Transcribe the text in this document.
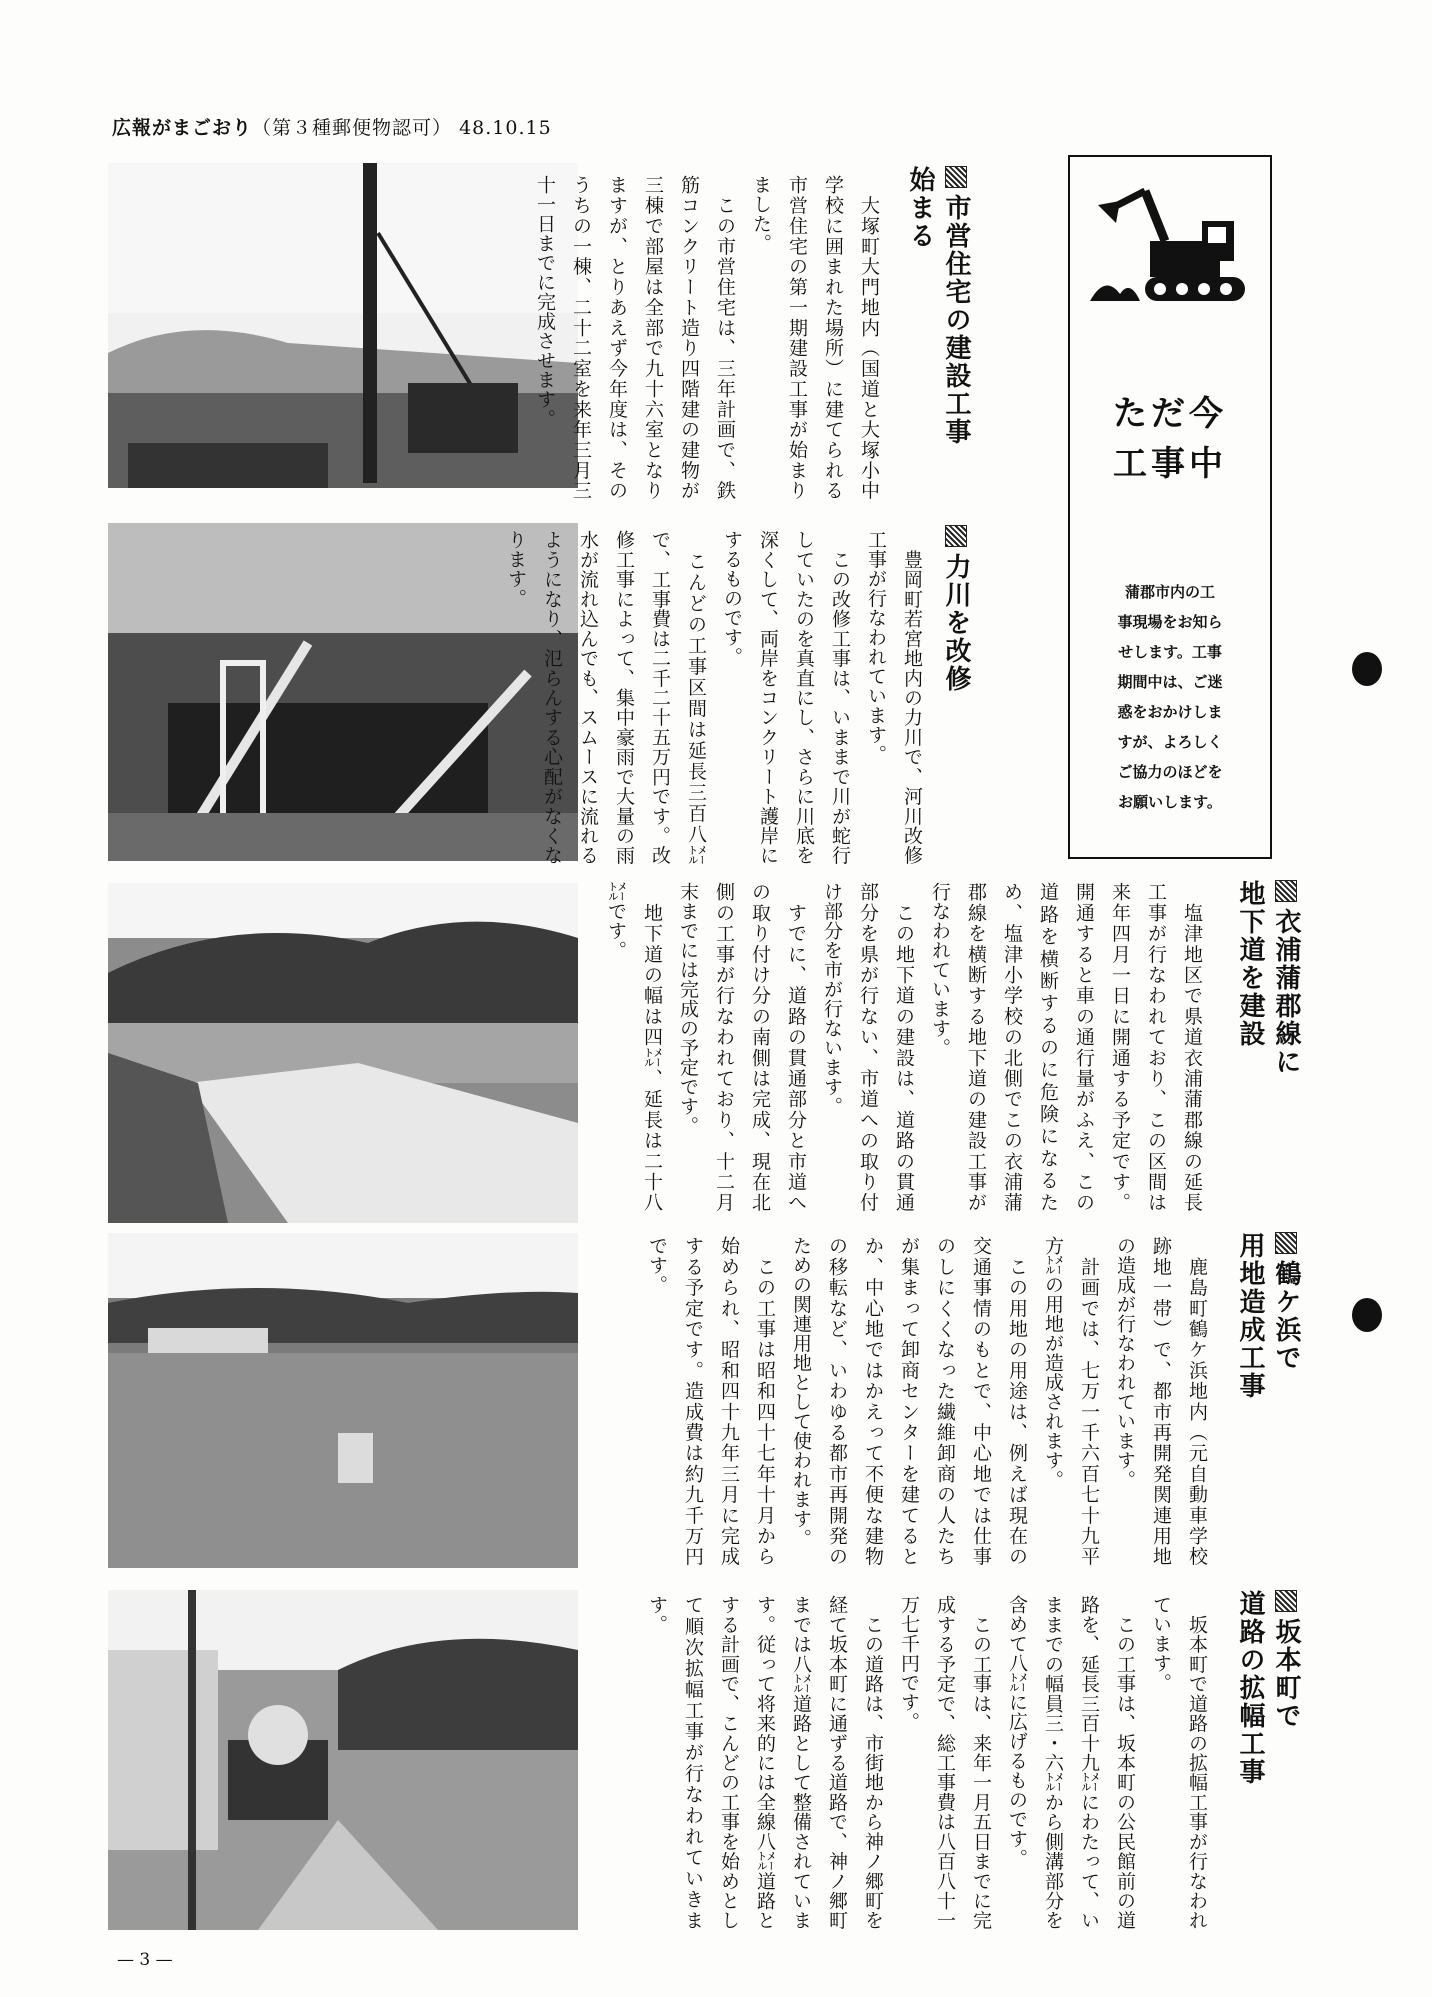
広報がまごおり（第３種郵便物認可） 48.10.15
ただ今
工事中
蒲郡市内の工
事現場をお知ら
せします。工事
期間中は、ご迷
惑をおかけしま
すが、よろしく
ご協力のほどを
お願いします。
市営住宅の建設工事
始まる
　大塚町大門地内（国道と大塚小中学校に囲まれた場所）に建てられる市営住宅の第一期建設工事が始まりました。
　この市営住宅は、三年計画で、鉄筋コンクリート造り四階建の建物が三棟で部屋は全部で九十六室となりますが、とりあえず今年度は、そのうちの一棟、二十二室を来年三月三十一日までに完成させます。
力川を改修
　豊岡町若宮地内の力川で、河川改修工事が行なわれています。
　この改修工事は、いままで川が蛇行していたのを真直にし、さらに川底を深くして、両岸をコンクリート護岸にするものです。
　こんどの工事区間は延長三百八㍍で、工事費は二千二十五万円です。改修工事によって、集中豪雨で大量の雨水が流れ込んでも、スムースに流れるようになり、氾らんする心配がなくなります。
衣浦蒲郡線に
地下道を建設
　塩津地区で県道衣浦蒲郡線の延長工事が行なわれており、この区間は来年四月一日に開通する予定です。開通すると車の通行量がふえ、この道路を横断するのに危険になるため、塩津小学校の北側でこの衣浦蒲郡線を横断する地下道の建設工事が行なわれています。
　この地下道の建設は、道路の貫通部分を県が行ない、市道への取り付け部分を市が行ないます。
　すでに、道路の貫通部分と市道への取り付け分の南側は完成、現在北側の工事が行なわれており、十二月末までには完成の予定です。
　地下道の幅は四㍍、延長は二十八㍍です。
鶴ケ浜で
用地造成工事
　鹿島町鶴ケ浜地内（元自動車学校跡地一帯）で、都市再開発関連用地の造成が行なわれています。
　計画では、七万一千六百七十九平方㍍の用地が造成されます。
　この用地の用途は、例えば現在の交通事情のもとで、中心地では仕事のしにくくなった繊維卸商の人たちが集まって卸商センターを建てるとか、中心地ではかえって不便な建物の移転など、いわゆる都市再開発のための関連用地として使われます。
　この工事は昭和四十七年十月から始められ、昭和四十九年三月に完成する予定です。造成費は約九千万円です。
坂本町で
道路の拡幅工事
　坂本町で道路の拡幅工事が行なわれています。
　この工事は、坂本町の公民館前の道路を、延長三百十九㍍にわたって、いままでの幅員三・六㍍から側溝部分を含めて八㍍に広げるものです。
　この工事は、来年一月五日までに完成する予定で、総工事費は八百八十一万七千円です。
　この道路は、市街地から神ノ郷町を経て坂本町に通ずる道路で、神ノ郷町までは八㍍道路として整備されています。従って将来的には全線八㍍道路とする計画で、こんどの工事を始めとして順次拡幅工事が行なわれていきます。
— 3 —
